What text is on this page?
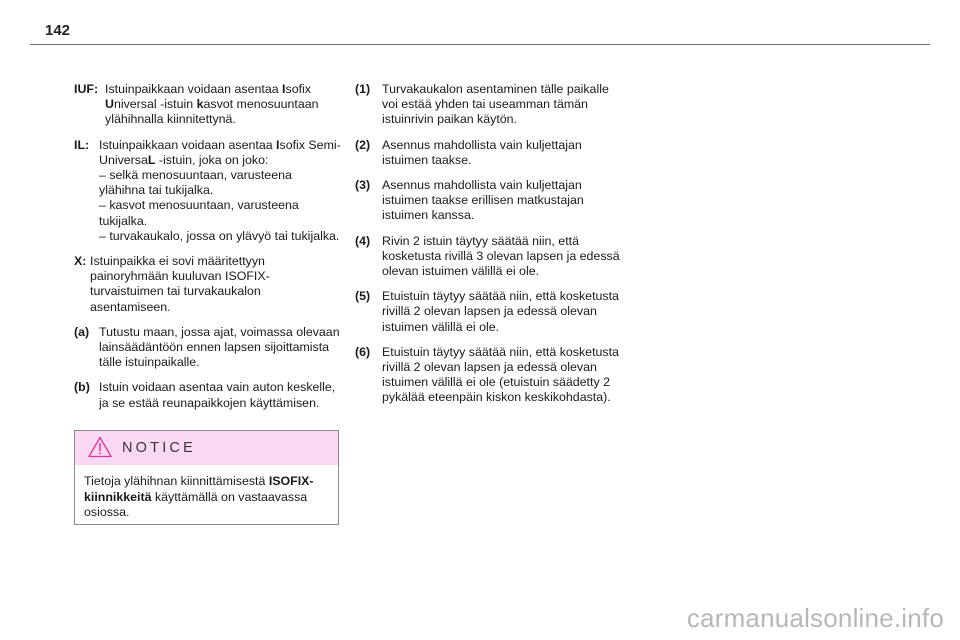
142
IUF: Istuinpaikkaan voidaan asentaa Isofix
Universal -istuin kasvot menosuuntaan
ylähihnalla kiinnitettynä.
IL: Istuinpaikkaan voidaan asentaa Isofix Semi-
UniversaL -istuin, joka on joko:
– selkä menosuuntaan, varusteena
ylähihna tai tukijalka.
– kasvot menosuuntaan, varusteena
tukijalka.
– turvakaukalo, jossa on ylävyö tai tukijalka.
X: Istuinpaikka ei sovi määritettyyn
painoryhmään kuuluvan ISOFIX-
turvaistuimen tai turvakaukalon
asentamiseen.
(a) Tutustu maan, jossa ajat, voimassa olevaan
lainsäädäntöön ennen lapsen sijoittamista
tälle istuinpaikalle.
(b) Istuin voidaan asentaa vain auton keskelle,
ja se estää reunapaikkojen käyttämisen.
NOTICE
Tietoja ylähihnan kiinnittämisestä ISOFIX-
kiinnikkeitä käyttämällä on vastaavassa
osiossa.
(1) Turvakaukalon asentaminen tälle paikalle
voi estää yhden tai useamman tämän
istuinrivin paikan käytön.
(2) Asennus mahdollista vain kuljettajan
istuimen taakse.
(3) Asennus mahdollista vain kuljettajan
istuimen taakse erillisen matkustajan
istuimen kanssa.
(4) Rivin 2 istuin täytyy säätää niin, että
kosketusta rivillä 3 olevan lapsen ja edessä
olevan istuimen välillä ei ole.
(5) Etuistuin täytyy säätää niin, että kosketusta
rivillä 2 olevan lapsen ja edessä olevan
istuimen välillä ei ole.
(6) Etuistuin täytyy säätää niin, että kosketusta
rivillä 2 olevan lapsen ja edessä olevan
istuimen välillä ei ole (etuistuin säädetty 2
pykälää eteenpäin kiskon keskikohdasta).
carmanualsonline.info
